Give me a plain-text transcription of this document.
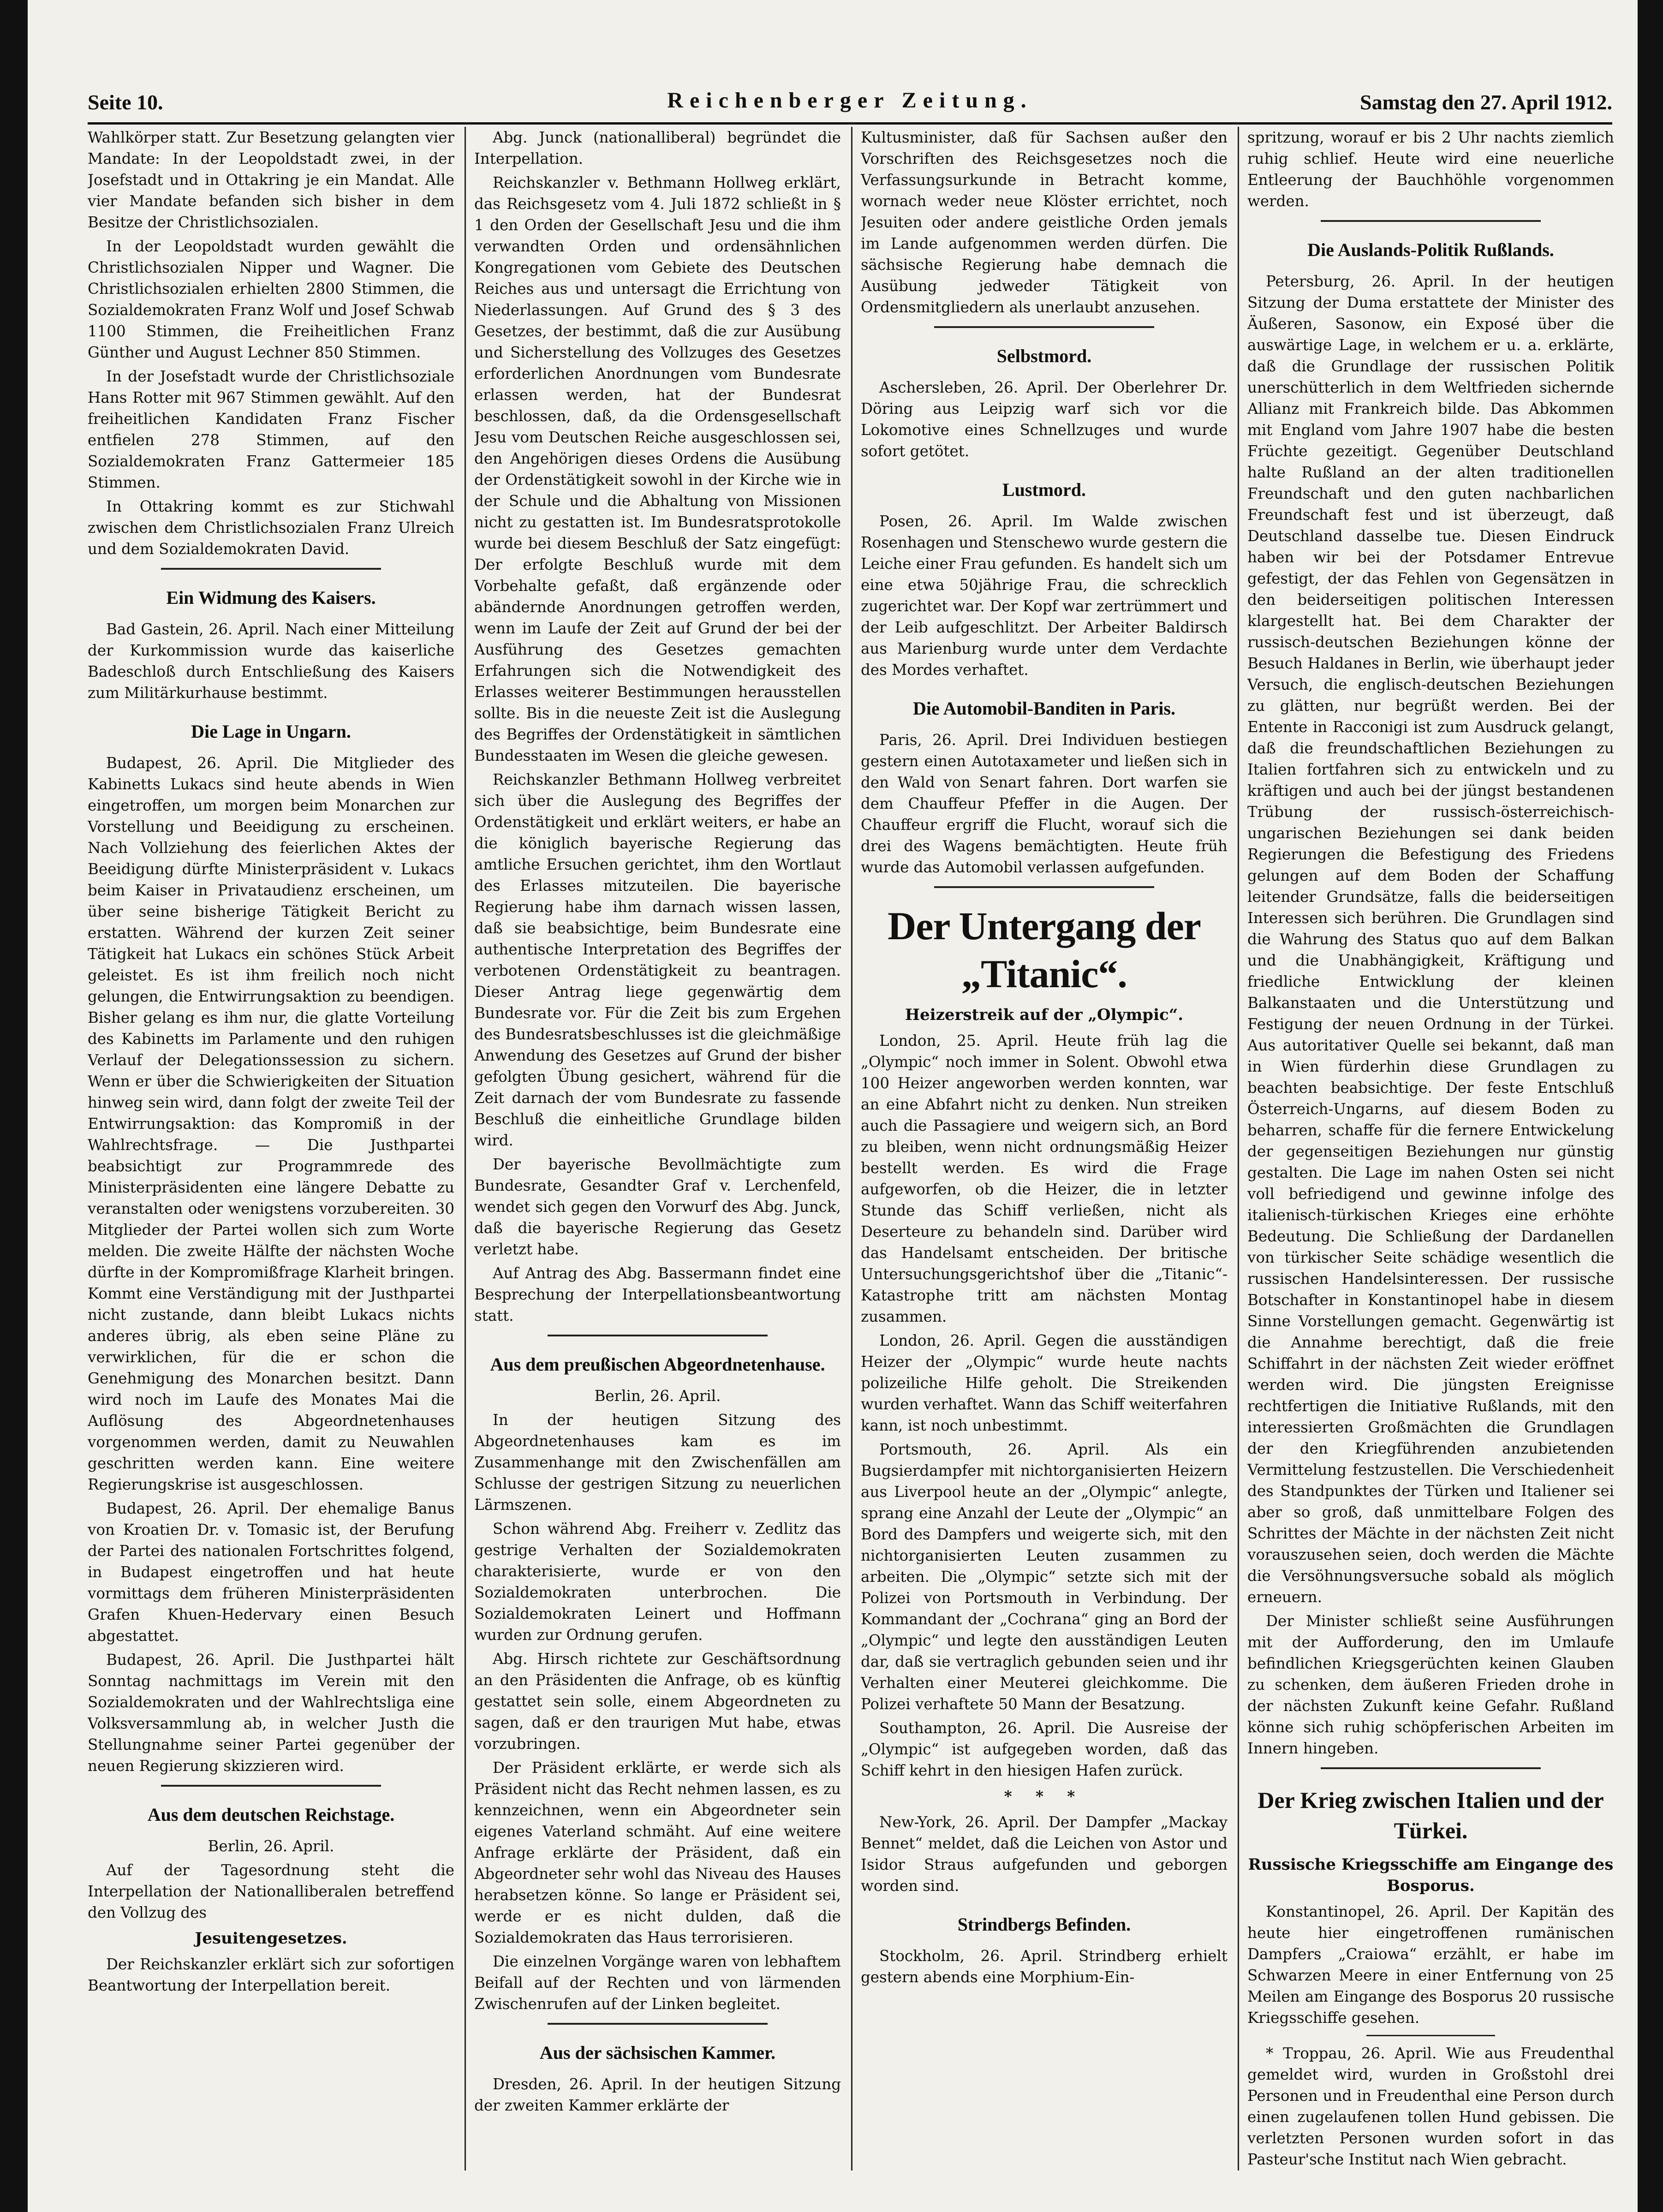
Seite 10.	Reichenberger Zeitung.	Samstag den 27. April 1912.

Wahlkörper statt. Zur Besetzung gelangten vier Mandate: In der Leopoldstadt zwei, in der Josefstadt und in Ottakring je ein Mandat. Alle vier Mandate befanden sich bisher in dem Besitze der Christlichsozialen.

In der Leopoldstadt wurden gewählt die Christlichsozialen Nipper und Wagner. Die Christlichsozialen erhielten 2800 Stimmen, die Sozialdemokraten Franz Wolf und Josef Schwab 1100 Stimmen, die Freiheitlichen Franz Günther und August Lechner 850 Stimmen.

In der Josefstadt wurde der Christlichsoziale Hans Rotter mit 967 Stimmen gewählt. Auf den freiheitlichen Kandidaten Franz Fischer entfielen 278 Stimmen, auf den Sozialdemokraten Franz Gattermeier 185 Stimmen.

In Ottakring kommt es zur Stichwahl zwischen dem Christlichsozialen Franz Ulreich und dem Sozialdemokraten David.

Ein Widmung des Kaisers.

Bad Gastein, 26. April. Nach einer Mitteilung der Kurkommission wurde das kaiserliche Badeschloß durch Entschließung des Kaisers zum Militärkurhause bestimmt.

Die Lage in Ungarn.

Budapest, 26. April. Die Mitglieder des Kabinetts Lukacs sind heute abends in Wien eingetroffen, um morgen beim Monarchen zur Vorstellung und Beeidigung zu erscheinen. Nach Vollziehung des feierlichen Aktes der Beeidigung dürfte Ministerpräsident v. Lukacs beim Kaiser in Privataudienz erscheinen, um über seine bisherige Tätigkeit Bericht zu erstatten. Während der kurzen Zeit seiner Tätigkeit hat Lukacs ein schönes Stück Arbeit geleistet. Es ist ihm freilich noch nicht gelungen, die Entwirrungsaktion zu beendigen. Bisher gelang es ihm nur, die glatte Vorteilung des Kabinetts im Parlamente und den ruhigen Verlauf der Delegationssession zu sichern. Wenn er über die Schwierigkeiten der Situation hinweg sein wird, dann folgt der zweite Teil der Entwirrungsaktion: das Kompromiß in der Wahlrechtsfrage. — Die Justhpartei beabsichtigt zur Programmrede des Ministerpräsidenten eine längere Debatte zu veranstalten oder wenigstens vorzubereiten. 30 Mitglieder der Partei wollen sich zum Worte melden. Die zweite Hälfte der nächsten Woche dürfte in der Kompromißfrage Klarheit bringen. Kommt eine Verständigung mit der Justhpartei nicht zustande, dann bleibt Lukacs nichts anderes übrig, als eben seine Pläne zu verwirklichen, für die er schon die Genehmigung des Monarchen besitzt. Dann wird noch im Laufe des Monates Mai die Auflösung des Abgeordnetenhauses vorgenommen werden, damit zu Neuwahlen geschritten werden kann. Eine weitere Regierungskrise ist ausgeschlossen.

Budapest, 26. April. Der ehemalige Banus von Kroatien Dr. v. Tomasic ist, der Berufung der Partei des nationalen Fortschrittes folgend, in Budapest eingetroffen und hat heute vormittags dem früheren Ministerpräsidenten Grafen Khuen-Hedervary einen Besuch abgestattet.

Budapest, 26. April. Die Justhpartei hält Sonntag nachmittags im Verein mit den Sozialdemokraten und der Wahlrechtsliga eine Volksversammlung ab, in welcher Justh die Stellungnahme seiner Partei gegenüber der neuen Regierung skizzieren wird.

Aus dem deutschen Reichstage.

Berlin, 26. April.

Auf der Tagesordnung steht die Interpellation der Nationalliberalen betreffend den Vollzug des

Jesuitengesetzes.

Der Reichskanzler erklärt sich zur sofortigen Beantwortung der Interpellation bereit.

Abg. Junck (nationalliberal) begründet die Interpellation.

Reichskanzler v. Bethmann Hollweg erklärt, das Reichsgesetz vom 4. Juli 1872 schließt in § 1 den Orden der Gesellschaft Jesu und die ihm verwandten Orden und ordensähnlichen Kongregationen vom Gebiete des Deutschen Reiches aus und untersagt die Errichtung von Niederlassungen. Auf Grund des § 3 des Gesetzes, der bestimmt, daß die zur Ausübung und Sicherstellung des Vollzuges des Gesetzes erforderlichen Anordnungen vom Bundesrate erlassen werden, hat der Bundesrat beschlossen, daß, da die Ordensgesellschaft Jesu vom Deutschen Reiche ausgeschlossen sei, den Angehörigen dieses Ordens die Ausübung der Ordenstätigkeit sowohl in der Kirche wie in der Schule und die Abhaltung von Missionen nicht zu gestatten ist. Im Bundesratsprotokolle wurde bei diesem Beschluß der Satz eingefügt: Der erfolgte Beschluß wurde mit dem Vorbehalte gefaßt, daß ergänzende oder abändernde Anordnungen getroffen werden, wenn im Laufe der Zeit auf Grund der bei der Ausführung des Gesetzes gemachten Erfahrungen sich die Notwendigkeit des Erlasses weiterer Bestimmungen herausstellen sollte. Bis in die neueste Zeit ist die Auslegung des Begriffes der Ordenstätigkeit in sämtlichen Bundesstaaten im Wesen die gleiche gewesen.

Reichskanzler Bethmann Hollweg verbreitet sich über die Auslegung des Begriffes der Ordenstätigkeit und erklärt weiters, er habe an die königlich bayerische Regierung das amtliche Ersuchen gerichtet, ihm den Wortlaut des Erlasses mitzuteilen. Die bayerische Regierung habe ihm darnach wissen lassen, daß sie beabsichtige, beim Bundesrate eine authentische Interpretation des Begriffes der verbotenen Ordenstätigkeit zu beantragen. Dieser Antrag liege gegenwärtig dem Bundesrate vor. Für die Zeit bis zum Ergehen des Bundesratsbeschlusses ist die gleichmäßige Anwendung des Gesetzes auf Grund der bisher gefolgten Übung gesichert, während für die Zeit darnach der vom Bundesrate zu fassende Beschluß die einheitliche Grundlage bilden wird.

Der bayerische Bevollmächtigte zum Bundesrate, Gesandter Graf v. Lerchenfeld, wendet sich gegen den Vorwurf des Abg. Junck, daß die bayerische Regierung das Gesetz verletzt habe.

Auf Antrag des Abg. Bassermann findet eine Besprechung der Interpellationsbeantwortung statt.

Aus dem preußischen Abgeordnetenhause.

Berlin, 26. April.

In der heutigen Sitzung des Abgeordnetenhauses kam es im Zusammenhange mit den Zwischenfällen am Schlusse der gestrigen Sitzung zu neuerlichen Lärmszenen.

Schon während Abg. Freiherr v. Zedlitz das gestrige Verhalten der Sozialdemokraten charakterisierte, wurde er von den Sozialdemokraten unterbrochen. Die Sozialdemokraten Leinert und Hoffmann wurden zur Ordnung gerufen.

Abg. Hirsch richtete zur Geschäftsordnung an den Präsidenten die Anfrage, ob es künftig gestattet sein solle, einem Abgeordneten zu sagen, daß er den traurigen Mut habe, etwas vorzubringen.

Der Präsident erklärte, er werde sich als Präsident nicht das Recht nehmen lassen, es zu kennzeichnen, wenn ein Abgeordneter sein eigenes Vaterland schmäht. Auf eine weitere Anfrage erklärte der Präsident, daß ein Abgeordneter sehr wohl das Niveau des Hauses herabsetzen könne. So lange er Präsident sei, werde er es nicht dulden, daß die Sozialdemokraten das Haus terrorisieren.

Die einzelnen Vorgänge waren von lebhaftem Beifall auf der Rechten und von lärmenden Zwischenrufen auf der Linken begleitet.

Aus der sächsischen Kammer.

Dresden, 26. April. In der heutigen Sitzung der zweiten Kammer erklärte der

Kultusminister, daß für Sachsen außer den Vorschriften des Reichsgesetzes noch die Verfassungsurkunde in Betracht komme, wornach weder neue Klöster errichtet, noch Jesuiten oder andere geistliche Orden jemals im Lande aufgenommen werden dürfen. Die sächsische Regierung habe demnach die Ausübung jedweder Tätigkeit von Ordensmitgliedern als unerlaubt anzusehen.

Selbstmord.

Aschersleben, 26. April. Der Oberlehrer Dr. Döring aus Leipzig warf sich vor die Lokomotive eines Schnellzuges und wurde sofort getötet.

Lustmord.

Posen, 26. April. Im Walde zwischen Rosenhagen und Stenschewo wurde gestern die Leiche einer Frau gefunden. Es handelt sich um eine etwa 50jährige Frau, die schrecklich zugerichtet war. Der Kopf war zertrümmert und der Leib aufgeschlitzt. Der Arbeiter Baldirsch aus Marienburg wurde unter dem Verdachte des Mordes verhaftet.

Die Automobil-Banditen in Paris.

Paris, 26. April. Drei Individuen bestiegen gestern einen Autotaxameter und ließen sich in den Wald von Senart fahren. Dort warfen sie dem Chauffeur Pfeffer in die Augen. Der Chauffeur ergriff die Flucht, worauf sich die drei des Wagens bemächtigten. Heute früh wurde das Automobil verlassen aufgefunden.

Der Untergang der „Titanic“.
Heizerstreik auf der „Olympic“.

London, 25. April. Heute früh lag die „Olympic“ noch immer in Solent. Obwohl etwa 100 Heizer angeworben werden konnten, war an eine Abfahrt nicht zu denken. Nun streiken auch die Passagiere und weigern sich, an Bord zu bleiben, wenn nicht ordnungsmäßig Heizer bestellt werden. Es wird die Frage aufgeworfen, ob die Heizer, die in letzter Stunde das Schiff verließen, nicht als Deserteure zu behandeln sind. Darüber wird das Handelsamt entscheiden. Der britische Untersuchungsgerichtshof über die „Titanic“-Katastrophe tritt am nächsten Montag zusammen.

London, 26. April. Gegen die ausständigen Heizer der „Olympic“ wurde heute nachts polizeiliche Hilfe geholt. Die Streikenden wurden verhaftet. Wann das Schiff weiterfahren kann, ist noch unbestimmt.

Portsmouth, 26. April. Als ein Bugsierdampfer mit nichtorganisierten Heizern aus Liverpool heute an der „Olympic“ anlegte, sprang eine Anzahl der Leute der „Olympic“ an Bord des Dampfers und weigerte sich, mit den nichtorganisierten Leuten zusammen zu arbeiten. Die „Olympic“ setzte sich mit der Polizei von Portsmouth in Verbindung. Der Kommandant der „Cochrana“ ging an Bord der „Olympic“ und legte den ausständigen Leuten dar, daß sie vertraglich gebunden seien und ihr Verhalten einer Meuterei gleichkomme. Die Polizei verhaftete 50 Mann der Besatzung.

Southampton, 26. April. Die Ausreise der „Olympic“ ist aufgegeben worden, daß das Schiff kehrt in den hiesigen Hafen zurück.

* * *

New-York, 26. April. Der Dampfer „Mackay Bennet“ meldet, daß die Leichen von Astor und Isidor Straus aufgefunden und geborgen worden sind.

Strindbergs Befinden.

Stockholm, 26. April. Strindberg erhielt gestern abends eine Morphium-Ein-

spritzung, worauf er bis 2 Uhr nachts ziemlich ruhig schlief. Heute wird eine neuerliche Entleerung der Bauchhöhle vorgenommen werden.

Die Auslands-Politik Rußlands.

Petersburg, 26. April. In der heutigen Sitzung der Duma erstattete der Minister des Äußeren, Sasonow, ein Exposé über die auswärtige Lage, in welchem er u. a. erklärte, daß die Grundlage der russischen Politik unerschütterlich in dem Weltfrieden sichernde Allianz mit Frankreich bilde. Das Abkommen mit England vom Jahre 1907 habe die besten Früchte gezeitigt. Gegenüber Deutschland halte Rußland an der alten traditionellen Freundschaft und den guten nachbarlichen Freundschaft fest und ist überzeugt, daß Deutschland dasselbe tue. Diesen Eindruck haben wir bei der Potsdamer Entrevue gefestigt, der das Fehlen von Gegensätzen in den beiderseitigen politischen Interessen klargestellt hat. Bei dem Charakter der russisch-deutschen Beziehungen könne der Besuch Haldanes in Berlin, wie überhaupt jeder Versuch, die englisch-deutschen Beziehungen zu glätten, nur begrüßt werden. Bei der Entente in Racconigi ist zum Ausdruck gelangt, daß die freundschaftlichen Beziehungen zu Italien fortfahren sich zu entwickeln und zu kräftigen und auch bei der jüngst bestandenen Trübung der russisch-österreichisch-ungarischen Beziehungen sei dank beiden Regierungen die Befestigung des Friedens gelungen auf dem Boden der Schaffung leitender Grundsätze, falls die beiderseitigen Interessen sich berühren. Die Grundlagen sind die Wahrung des Status quo auf dem Balkan und die Unabhängigkeit, Kräftigung und friedliche Entwicklung der kleinen Balkanstaaten und die Unterstützung und Festigung der neuen Ordnung in der Türkei. Aus autoritativer Quelle sei bekannt, daß man in Wien fürderhin diese Grundlagen zu beachten beabsichtige. Der feste Entschluß Österreich-Ungarns, auf diesem Boden zu beharren, schaffe für die fernere Entwickelung der gegenseitigen Beziehungen nur günstig gestalten. Die Lage im nahen Osten sei nicht voll befriedigend und gewinne infolge des italienisch-türkischen Krieges eine erhöhte Bedeutung. Die Schließung der Dardanellen von türkischer Seite schädige wesentlich die russischen Handelsinteressen. Der russische Botschafter in Konstantinopel habe in diesem Sinne Vorstellungen gemacht. Gegenwärtig ist die Annahme berechtigt, daß die freie Schiffahrt in der nächsten Zeit wieder eröffnet werden wird. Die jüngsten Ereignisse rechtfertigen die Initiative Rußlands, mit den interessierten Großmächten die Grundlagen der den Kriegführenden anzubietenden Vermittelung festzustellen. Die Verschiedenheit des Standpunktes der Türken und Italiener sei aber so groß, daß unmittelbare Folgen des Schrittes der Mächte in der nächsten Zeit nicht vorauszusehen seien, doch werden die Mächte die Versöhnungsversuche sobald als möglich erneuern.

Der Minister schließt seine Ausführungen mit der Aufforderung, den im Umlaufe befindlichen Kriegsgerüchten keinen Glauben zu schenken, dem äußeren Frieden drohe in der nächsten Zukunft keine Gefahr. Rußland könne sich ruhig schöpferischen Arbeiten im Innern hingeben.

Der Krieg zwischen Italien und der Türkei.
Russische Kriegsschiffe am Eingange des Bosporus.

Konstantinopel, 26. April. Der Kapitän des heute hier eingetroffenen rumänischen Dampfers „Craiowa“ erzählt, er habe im Schwarzen Meere in einer Entfernung von 25 Meilen am Eingange des Bosporus 20 russische Kriegsschiffe gesehen.

* Troppau, 26. April. Wie aus Freudenthal gemeldet wird, wurden in Großstohl drei Personen und in Freudenthal eine Person durch einen zugelaufenen tollen Hund gebissen. Die verletzten Personen wurden sofort in das Pasteur'sche Institut nach Wien gebracht.
